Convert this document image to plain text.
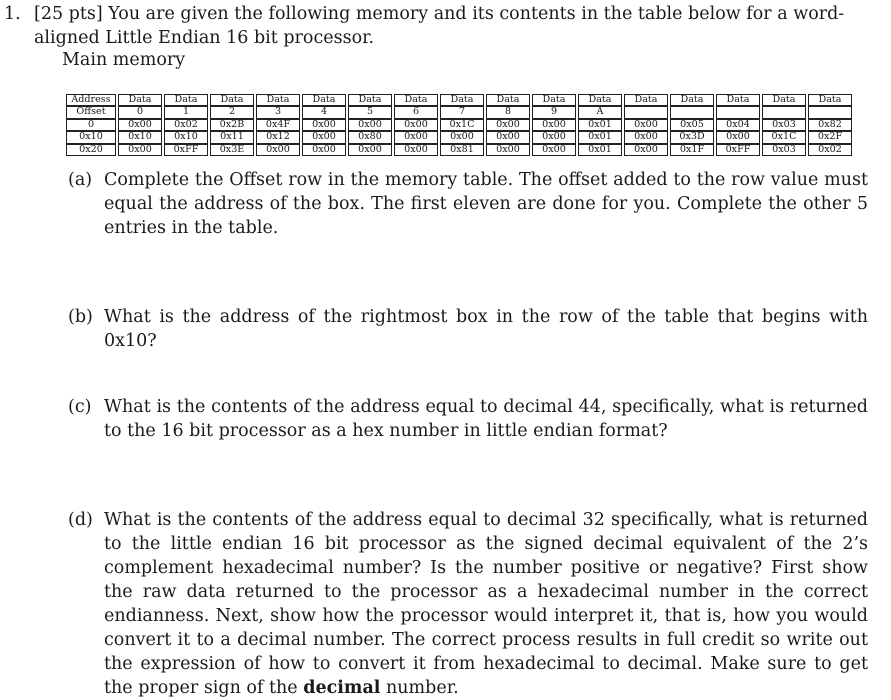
1. [25 pts] You are given the following memory and its contents in the table below for a word-aligned Little Endian 16 bit processor.
Main memory
Address	Data	Data	Data	Data	Data	Data	Data	Data	Data	Data	Data	Data	Data	Data	Data	Data
Offset	0	1	2	3	4	5	6	7	8	9	A					
0	0x00	0x02	0x2B	0x4F	0x00	0x00	0x00	0x1C	0x00	0x00	0x01	0x00	0x05	0x04	0x03	0x82
0x10	0x10	0x10	0x11	0x12	0x00	0x80	0x00	0x00	0x00	0x00	0x01	0x00	0x3D	0x00	0x1C	0x2F
0x20	0x00	0xFF	0x3E	0x00	0x00	0x00	0x00	0x81	0x00	0x00	0x01	0x00	0x1F	0xFF	0x03	0x02
(a) Complete the Offset row in the memory table. The offset added to the row value must equal the address of the box. The first eleven are done for you. Complete the other 5 entries in the table.
(b) What is the address of the rightmost box in the row of the table that begins with 0x10?
(c) What is the contents of the address equal to decimal 44, specifically, what is returned to the 16 bit processor as a hex number in little endian format?
(d) What is the contents of the address equal to decimal 32 specifically, what is returned to the little endian 16 bit processor as the signed decimal equivalent of the 2’s complement hexadecimal number? Is the number positive or negative? First show the raw data returned to the processor as a hexadecimal number in the correct endianness. Next, show how the processor would interpret it, that is, how you would convert it to a decimal number. The correct process results in full credit so write out the expression of how to convert it from hexadecimal to decimal. Make sure to get the proper sign of the decimal number.
